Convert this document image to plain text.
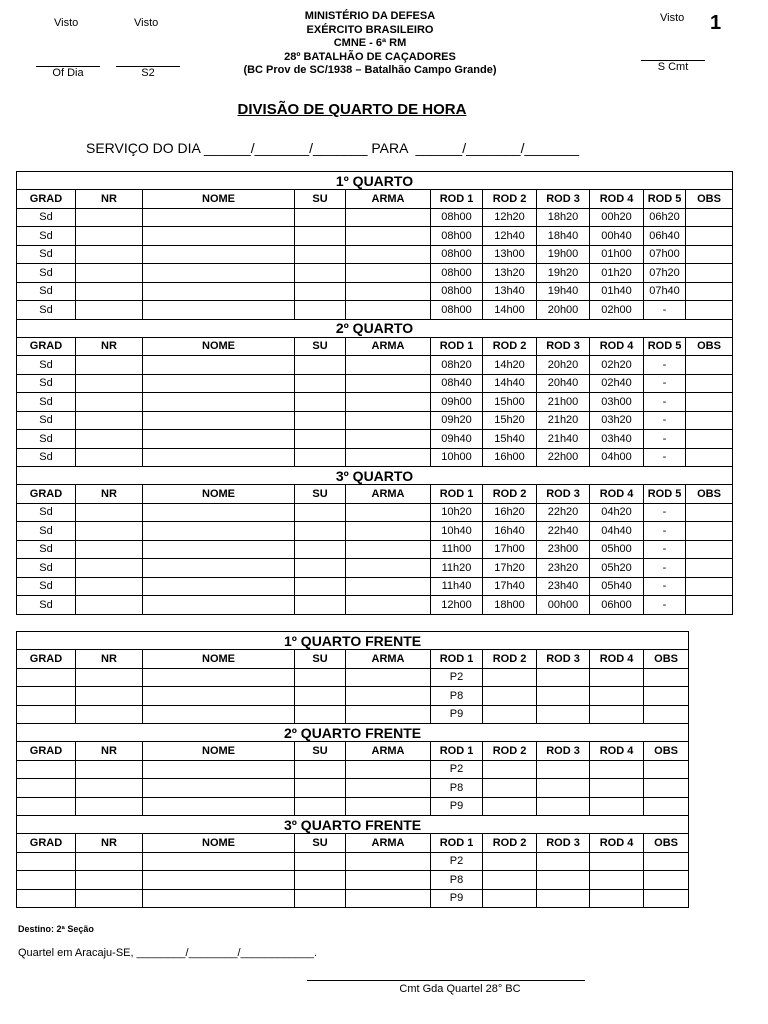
Visto	Visto
Of Dia	S2
MINISTÉRIO DA DEFESA
EXÉRCITO BRASILEIRO
CMNE - 6ª RM
28º BATALHÃO DE CAÇADORES
(BC Prov de SC/1938 – Batalhão Campo Grande)
Visto 1
S Cmt
DIVISÃO DE QUARTO DE HORA
SERVIÇO DO DIA ______/_______/_______ PARA  ______/_______/_______
1º QUARTO										
GRAD	NR	NOME	SU	ARMA	ROD 1	ROD 2	ROD 3	ROD 4	ROD 5	OBS
Sd					08h00	12h20	18h20	00h20	06h20	
Sd					08h00	12h40	18h40	00h40	06h40	
Sd					08h00	13h00	19h00	01h00	07h00	
Sd					08h00	13h20	19h20	01h20	07h20	
Sd					08h00	13h40	19h40	01h40	07h40	
Sd					08h00	14h00	20h00	02h00	-	
2º QUARTO										
GRAD	NR	NOME	SU	ARMA	ROD 1	ROD 2	ROD 3	ROD 4	ROD 5	OBS
Sd					08h20	14h20	20h20	02h20	-	
Sd					08h40	14h40	20h40	02h40	-	
Sd					09h00	15h00	21h00	03h00	-	
Sd					09h20	15h20	21h20	03h20	-	
Sd					09h40	15h40	21h40	03h40	-	
Sd					10h00	16h00	22h00	04h00	-	
3º QUARTO										
GRAD	NR	NOME	SU	ARMA	ROD 1	ROD 2	ROD 3	ROD 4	ROD 5	OBS
Sd					10h20	16h20	22h20	04h20	-	
Sd					10h40	16h40	22h40	04h40	-	
Sd					11h00	17h00	23h00	05h00	-	
Sd					11h20	17h20	23h20	05h20	-	
Sd					11h40	17h40	23h40	05h40	-	
Sd					12h00	18h00	00h00	06h00	-	
1º QUARTO FRENTE									
GRAD	NR	NOME	SU	ARMA	ROD 1	ROD 2	ROD 3	ROD 4	OBS
					P2				
					P8				
					P9				
2º QUARTO FRENTE									
GRAD	NR	NOME	SU	ARMA	ROD 1	ROD 2	ROD 3	ROD 4	OBS
					P2				
					P8				
					P9				
3º QUARTO FRENTE									
GRAD	NR	NOME	SU	ARMA	ROD 1	ROD 2	ROD 3	ROD 4	OBS
					P2				
					P8				
					P9				
Destino: 2ª Seção
Quartel em Aracaju-SE, ________/________/____________.
Cmt Gda Quartel 28° BC
